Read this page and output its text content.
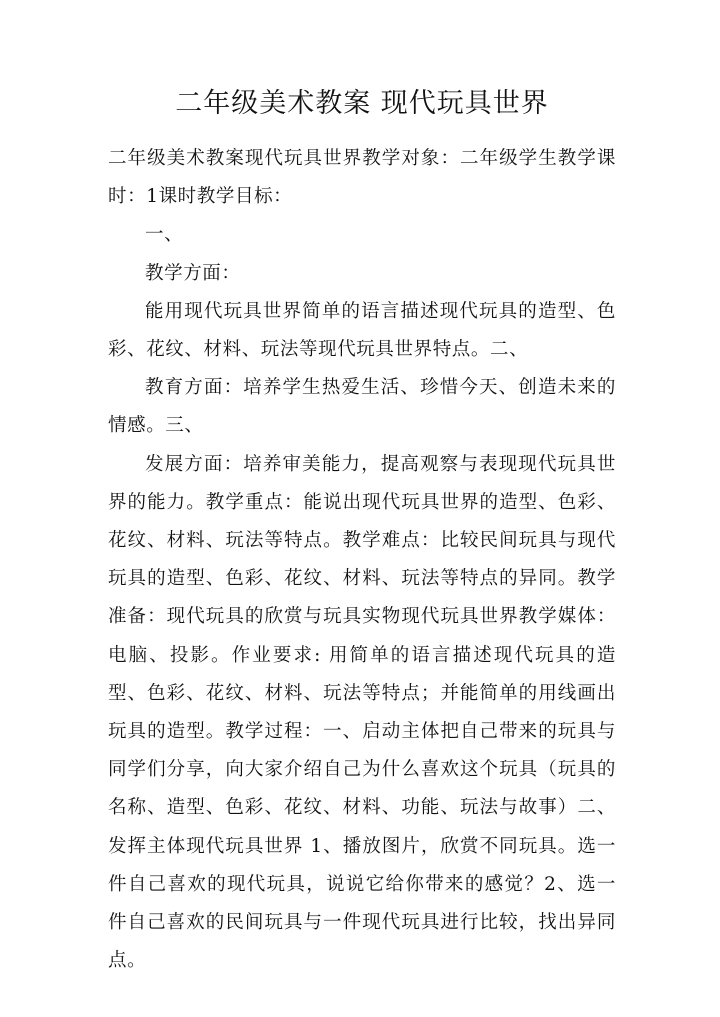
二年级美术教案 现代玩具世界

二年级美术教案现代玩具世界教学对象：二年级学生教学课时：1课时教学目标：

一、

教学方面：

能用现代玩具世界简单的语言描述现代玩具的造型、色彩、花纹、材料、玩法等现代玩具世界特点。二、

教育方面：培养学生热爱生活、珍惜今天、创造未来的情感。三、

发展方面：培养审美能力，提高观察与表现现代玩具世界的能力。教学重点：能说出现代玩具世界的造型、色彩、花纹、材料、玩法等特点。教学难点：比较民间玩具与现代玩具的造型、色彩、花纹、材料、玩法等特点的异同。教学准备：现代玩具的欣赏与玩具实物现代玩具世界教学媒体：电脑、投影。作业要求: 用简单的语言描述现代玩具的造型、色彩、花纹、材料、玩法等特点；并能简单的用线画出玩具的造型。教学过程：一、启动主体把自己带来的玩具与同学们分享，向大家介绍自己为什么喜欢这个玩具（玩具的名称、造型、色彩、花纹、材料、功能、玩法与故事）二、发挥主体现代玩具世界 1、播放图片，欣赏不同玩具。选一件自己喜欢的现代玩具，说说它给你带来的感觉？2、选一件自己喜欢的民间玩具与一件现代玩具进行比较，找出异同点。
